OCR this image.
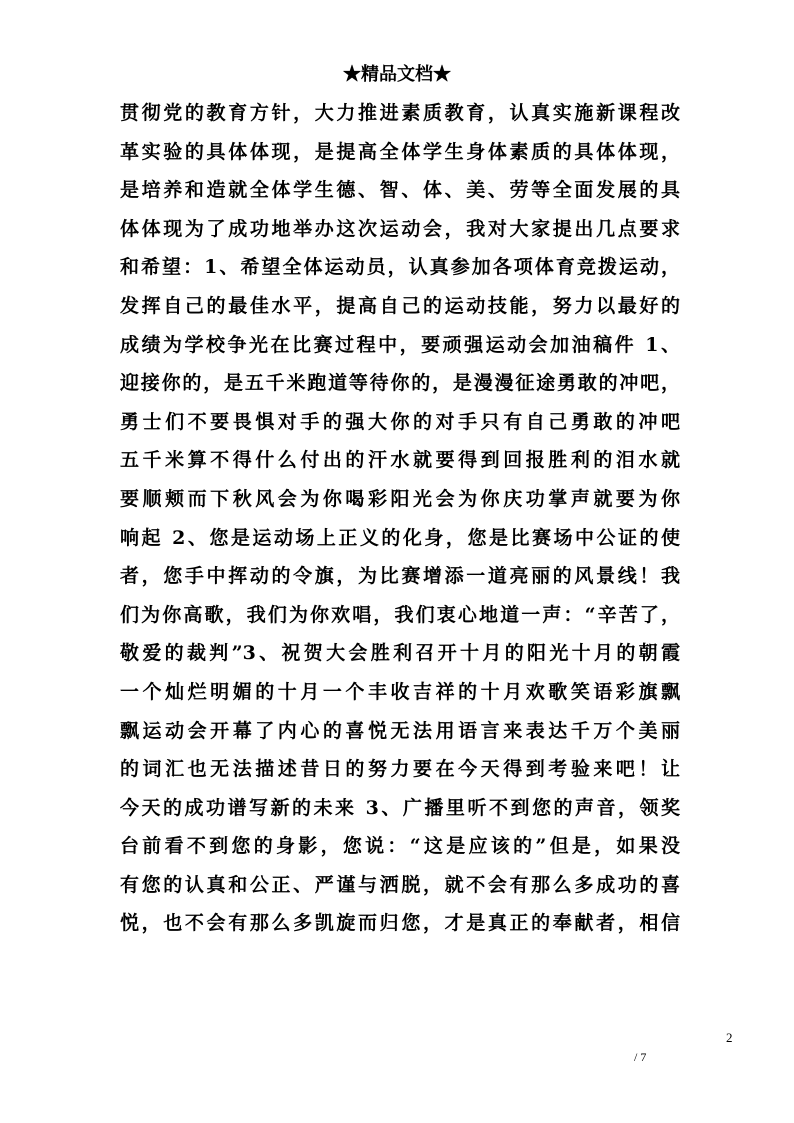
★精品文档★
贯彻党的教育方针，大力推进素质教育，认真实施新课程改
革实验的具体体现，是提高全体学生身体素质的具体体现，
是培养和造就全体学生德、智、体、美、劳等全面发展的具
体体现为了成功地举办这次运动会，我对大家提出几点要求
和希望：1、希望全体运动员，认真参加各项体育竞拨运动，
发挥自己的最佳水平，提高自己的运动技能，努力以最好的
成绩为学校争光在比赛过程中，要顽强运动会加油稿件 1、
迎接你的，是五千米跑道等待你的，是漫漫征途勇敢的冲吧，
勇士们不要畏惧对手的强大你的对手只有自己勇敢的冲吧
五千米算不得什么付出的汗水就要得到回报胜利的泪水就
要顺颊而下秋风会为你喝彩阳光会为你庆功掌声就要为你
响起 2、您是运动场上正义的化身，您是比赛场中公证的使
者，您手中挥动的令旗，为比赛增添一道亮丽的风景线！我
们为你高歌，我们为你欢唱，我们衷心地道一声：“辛苦了，
敬爱的裁判”3、祝贺大会胜利召开十月的阳光十月的朝霞
一个灿烂明媚的十月一个丰收吉祥的十月欢歌笑语彩旗飘
飘运动会开幕了内心的喜悦无法用语言来表达千万个美丽
的词汇也无法描述昔日的努力要在今天得到考验来吧！让
今天的成功谱写新的未来 3、广播里听不到您的声音，领奖
台前看不到您的身影，您说：“这是应该的”但是，如果没
有您的认真和公正、严谨与洒脱，就不会有那么多成功的喜
悦，也不会有那么多凯旋而归您，才是真正的奉献者，相信
2
/ 7
